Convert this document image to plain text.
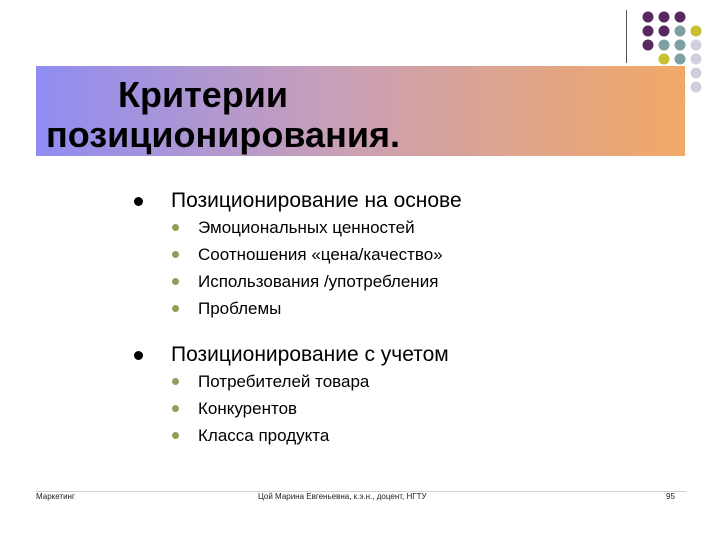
Критерии
позиционирования.
Позиционирование на основе
Эмоциональных ценностей
Соотношения «цена/качество»
Использования /употребления
Проблемы
Позиционирование с учетом
Потребителей товара
Конкурентов
Класса продукта
Маркетинг	Цой Марина Евгеньевна, к.э.н., доцент, НГТУ	95
